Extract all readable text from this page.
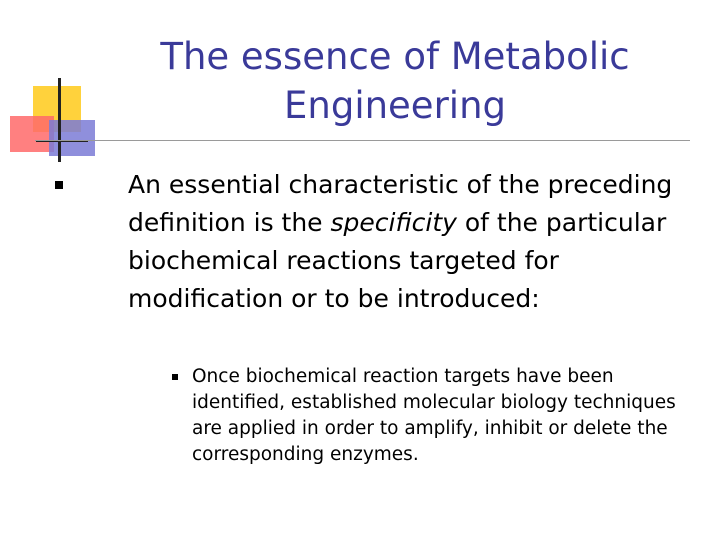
The essence of Metabolic Engineering
An essential characteristic of the preceding definition is the specificity of the particular biochemical reactions targeted for modification or to be introduced:
Once biochemical reaction targets have been identified, established molecular biology techniques are applied in order to amplify, inhibit or delete the corresponding enzymes.
